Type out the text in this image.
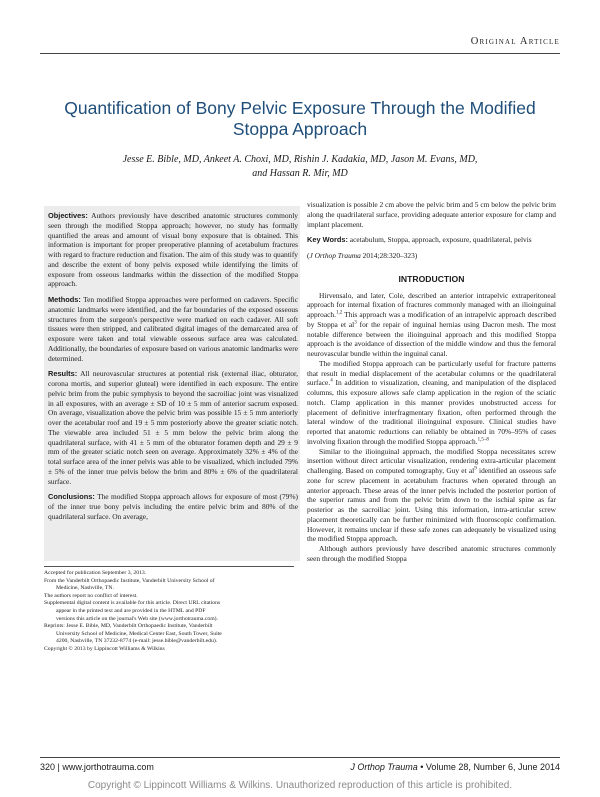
Original Article
Quantification of Bony Pelvic Exposure Through the Modified Stoppa Approach
Jesse E. Bible, MD, Ankeet A. Choxi, MD, Rishin J. Kadakia, MD, Jason M. Evans, MD,
and Hassan R. Mir, MD

Objectives: Authors previously have described anatomic structures commonly seen through the modified Stoppa approach; however, no study has formally quantified the areas and amount of visual bony exposure that is obtained. This information is important for proper preoperative planning of acetabulum fractures with regard to fracture reduction and fixation. The aim of this study was to quantify and describe the extent of bony pelvis exposed while identifying the limits of exposure from osseous landmarks within the dissection of the modified Stoppa approach.

Methods: Ten modified Stoppa approaches were performed on cadavers. Specific anatomic landmarks were identified, and the far boundaries of the exposed osseous structures from the surgeon's perspective were marked on each cadaver. All soft tissues were then stripped, and calibrated digital images of the demarcated area of exposure were taken and total viewable osseous surface area was calculated. Additionally, the boundaries of exposure based on various anatomic landmarks were determined.

Results: All neurovascular structures at potential risk (external iliac, obturator, corona mortis, and superior gluteal) were identified in each exposure. The entire pelvic brim from the pubic symphysis to beyond the sacroiliac joint was visualized in all exposures, with an average ± SD of 10 ± 5 mm of anterior sacrum exposed. On average, visualization above the pelvic brim was possible 15 ± 5 mm anteriorly over the acetabular roof and 19 ± 5 mm posteriorly above the greater sciatic notch. The viewable area included 51 ± 5 mm below the pelvic brim along the quadrilateral surface, with 41 ± 5 mm of the obturator foramen depth and 29 ± 9 mm of the greater sciatic notch seen on average. Approximately 32% ± 4% of the total surface area of the inner pelvis was able to be visualized, which included 79% ± 5% of the inner true pelvis below the brim and 80% ± 6% of the quadrilateral surface.

Conclusions: The modified Stoppa approach allows for exposure of most (79%) of the inner true bony pelvis including the entire pelvic brim and 80% of the quadrilateral surface. On average,

visualization is possible 2 cm above the pelvic brim and 5 cm below the pelvic brim along the quadrilateral surface, providing adequate anterior exposure for clamp and implant placement.

Key Words: acetabulum, Stoppa, approach, exposure, quadrilateral, pelvis

(J Orthop Trauma 2014;28:320–323)

INTRODUCTION

Hirvensalo, and later, Cole, described an anterior intrapelvic extraperitoneal approach for internal fixation of fractures commonly managed with an ilioinguinal approach.$^{1,2}$ This approach was a modification of an intrapelvic approach described by Stoppa et $al^3$ for the repair of inguinal hernias using Dacron mesh. The most notable difference between the ilioinguinal approach and this modified Stoppa approach is the avoidance of dissection of the middle window and thus the femoral neurovascular bundle within the inguinal canal.

The modified Stoppa approach can be particularly useful for fracture patterns that result in medial displacement of the acetabular columns or the quadrilateral surface.$^4$ In addition to visualization, cleaning, and manipulation of the displaced columns, this exposure allows safe clamp application in the region of the sciatic notch. Clamp application in this manner provides unobstructed access for placement of definitive interfragmentary fixation, often performed through the lateral window of the traditional ilioinguinal exposure. Clinical studies have reported that anatomic reductions can reliably be obtained in 70%–95% of cases involving fixation through the modified Stoppa approach.$^{1,5-8}$

Similar to the ilioinguinal approach, the modified Stoppa necessitates screw insertion without direct articular visualization, rendering extra-articular placement challenging. Based on computed tomography, Guy et $al^9$ identified an osseous safe zone for screw placement in acetabulum fractures when operated through an anterior approach. These areas of the inner pelvis included the posterior portion of the superior ramus and from the pelvic brim down to the ischial spine as far posterior as the sacroiliac joint. Using this information, intra-articular screw placement theoretically can be further minimized with fluoroscopic confirmation. However, it remains unclear if these safe zones can adequately be visualized using the modified Stoppa approach.

Although authors previously have described anatomic structures commonly seen through the modified Stoppa

Accepted for publication September 3, 2013.
From the Vanderbilt Orthopaedic Institute, Vanderbilt University School of
Medicine, Nashville, TN.
The authors report no conflict of interest.
Supplemental digital content is available for this article. Direct URL citations
appear in the printed text and are provided in the HTML and PDF
versions this article on the journal's Web site (www.jorthotrauma.com).
Reprints: Jesse E. Bible, MD, Vanderbilt Orthopaedic Institute, Vanderbilt
University School of Medicine, Medical Center East, South Tower, Suite
4200, Nashville, TN 37232-8774 (e-mail: jesse.bible@vanderbilt.edu).
Copyright © 2013 by Lippincott Williams & Wilkins
320 | www.jorthotrauma.com	J Orthop Trauma • Volume 28, Number 6, June 2014
Copyright © Lippincott Williams & Wilkins. Unauthorized reproduction of this article is prohibited.
